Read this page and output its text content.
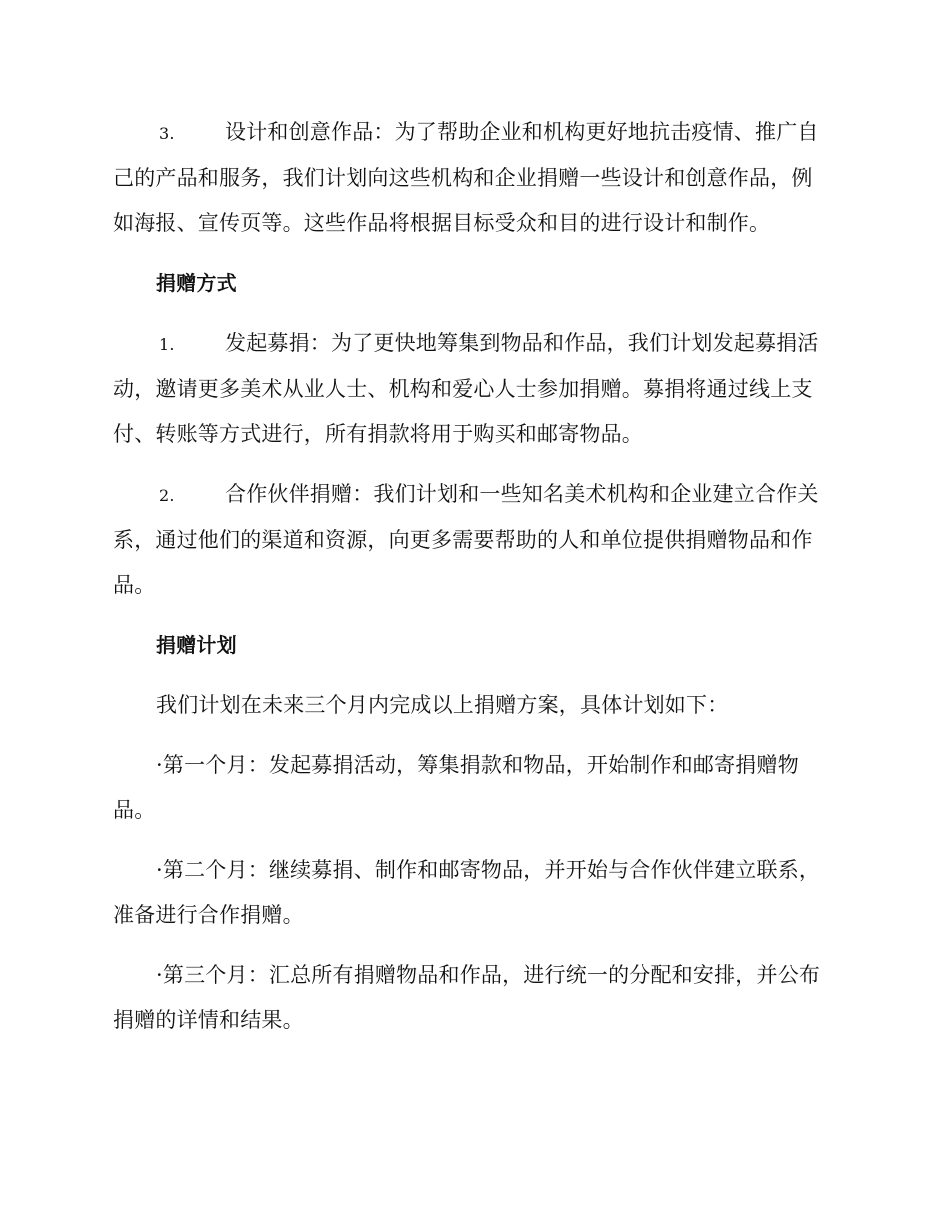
3. 设计和创意作品：为了帮助企业和机构更好地抗击疫情、推广自己的产品和服务，我们计划向这些机构和企业捐赠一些设计和创意作品，例如海报、宣传页等。这些作品将根据目标受众和目的进行设计和制作。

捐赠方式

1. 发起募捐：为了更快地筹集到物品和作品，我们计划发起募捐活动，邀请更多美术从业人士、机构和爱心人士参加捐赠。募捐将通过线上支付、转账等方式进行，所有捐款将用于购买和邮寄物品。

2. 合作伙伴捐赠：我们计划和一些知名美术机构和企业建立合作关系，通过他们的渠道和资源，向更多需要帮助的人和单位提供捐赠物品和作品。

捐赠计划

我们计划在未来三个月内完成以上捐赠方案，具体计划如下：

·第一个月：发起募捐活动，筹集捐款和物品，开始制作和邮寄捐赠物品。

·第二个月：继续募捐、制作和邮寄物品，并开始与合作伙伴建立联系，准备进行合作捐赠。

·第三个月：汇总所有捐赠物品和作品，进行统一的分配和安排，并公布捐赠的详情和结果。
